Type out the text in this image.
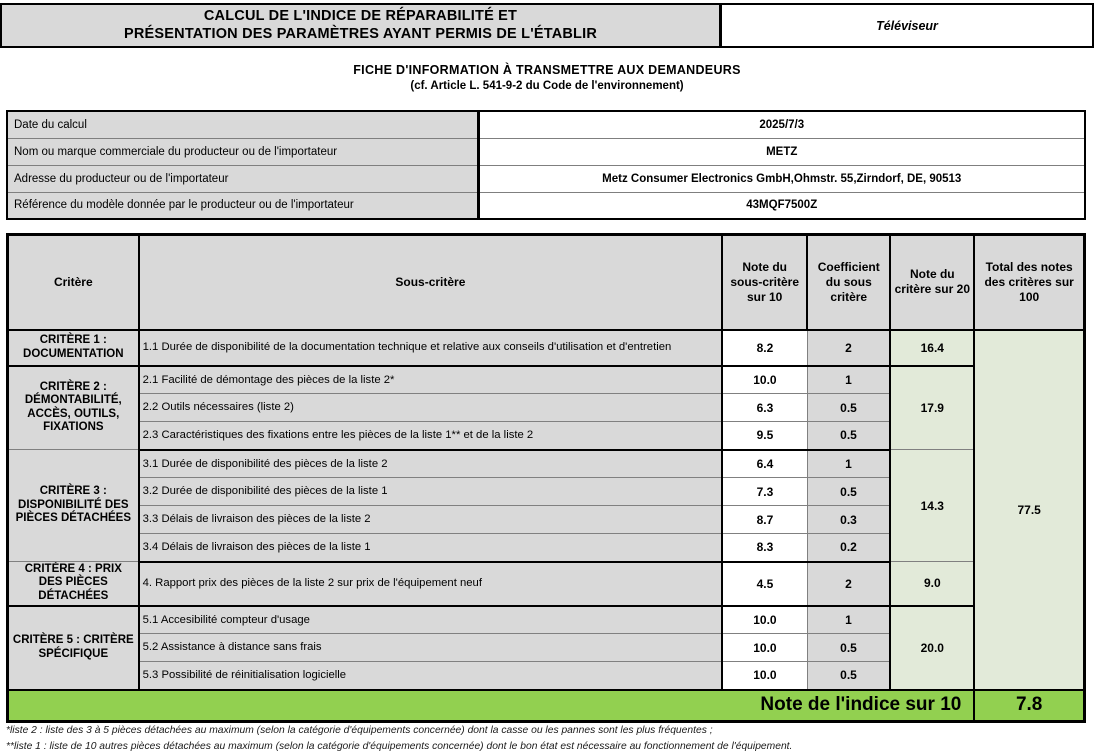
CALCUL DE L'INDICE DE RÉPARABILITÉ ET
PRÉSENTATION DES PARAMÈTRES AYANT PERMIS DE L'ÉTABLIR	Téléviseur
FICHE D'INFORMATION À TRANSMETTRE AUX DEMANDEURS
(cf. Article L. 541-9-2 du Code de l'environnement)
Date du calcul	2025/7/3
Nom ou marque commerciale du producteur ou de l'importateur	METZ
Adresse du producteur ou de l'importateur	Metz Consumer Electronics GmbH,Ohmstr. 55,Zirndorf, DE, 90513
Référence du modèle donnée par le producteur ou de l'importateur	43MQF7500Z
Critère	Sous-critère	Note du sous-critère sur 10	Coefficient du sous critère	Note du critère sur 20	Total des notes des critères sur 100

CRITÈRE 1 :
DOCUMENTATION	1.1 Durée de disponibilité de la documentation technique et relative aux conseils d'utilisation et d'entretien	8.2	2	16.4	77.5

CRITÈRE 2 :
DÉMONTABILITÉ,
ACCÈS, OUTILS,
FIXATIONS	2.1 Facilité de démontage des pièces de la liste 2*	10.0	1	17.9	
	2.2 Outils nécessaires (liste 2)	6.3	0.5		
	2.3 Caractéristiques des fixations entre les pièces de la liste 1** et de la liste 2	9.5	0.5		

CRITÈRE 3 :
DISPONIBILITÉ DES
PIÈCES DÉTACHÉES	3.1 Durée de disponibilité des pièces de la liste 2	6.4	1	14.3	
	3.2 Durée de disponibilité des pièces de la liste 1	7.3	0.5		
	3.3 Délais de livraison des pièces de la liste 2	8.7	0.3		
	3.4 Délais de livraison des pièces de la liste 1	8.3	0.2		

CRITÈRE 4 : PRIX
DES PIÈCES
DÉTACHÉES	4. Rapport prix des pièces de la liste 2 sur prix de l'équipement neuf	4.5	2	9.0	

CRITÈRE 5 : CRITÈRE
SPÉCIFIQUE	5.1 Accesibilité compteur d'usage	10.0	1	20.0	
	5.2 Assistance à distance sans frais	10.0	0.5		
	5.3 Possibilité de réinitialisation logicielle	10.0	0.5		
Note de l'indice sur 10					7.8
*liste 2 : liste des 3 à 5 pièces détachées au maximum (selon la catégorie d'équipements concernée) dont la casse ou les pannes sont les plus fréquentes ;
**liste 1 : liste de 10 autres pièces détachées au maximum (selon la catégorie d'équipements concernée) dont le bon état est nécessaire au fonctionnement de l'équipement.
